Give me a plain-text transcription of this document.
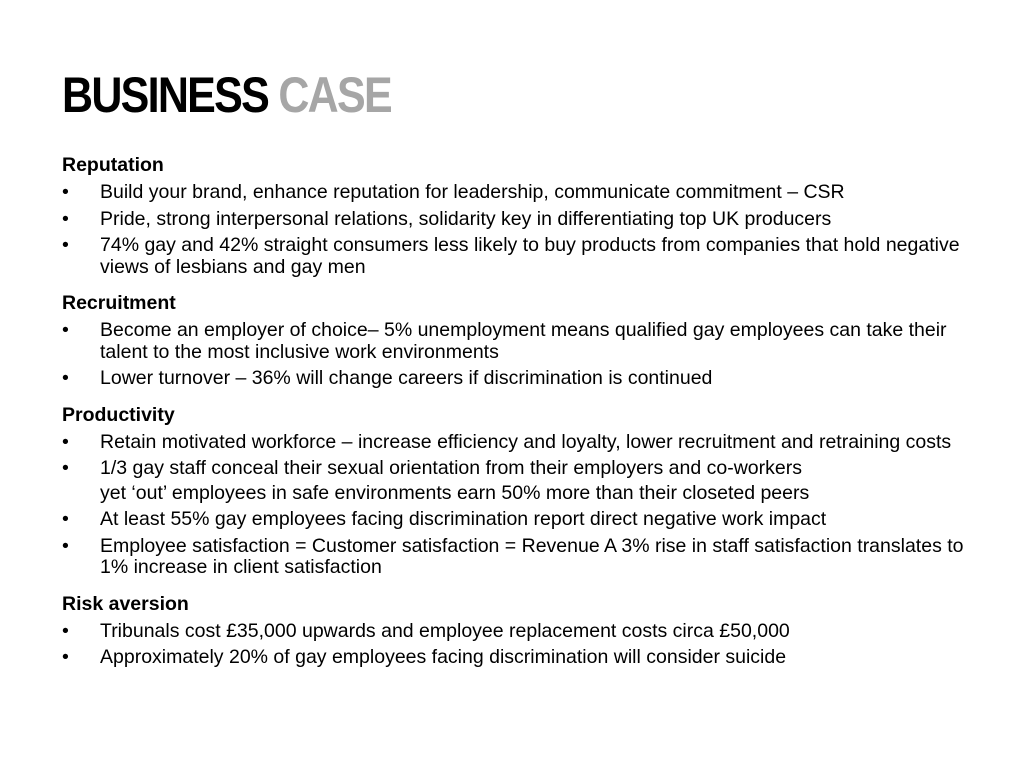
BUSINESS CASE
Reputation
• Build your brand, enhance reputation for leadership, communicate commitment – CSR
• Pride, strong interpersonal relations, solidarity key in differentiating top UK producers
• 74% gay and 42% straight consumers less likely to buy products from companies that hold negative views of lesbians and gay men
Recruitment
• Become an employer of choice– 5% unemployment means qualified gay employees can take their talent to the most inclusive work environments
• Lower turnover – 36% will change careers if discrimination is continued
Productivity
• Retain motivated workforce – increase efficiency and loyalty, lower recruitment and retraining costs
• 1/3 gay staff conceal their sexual orientation from their employers and co-workers
yet ‘out’ employees in safe environments earn 50% more than their closeted peers
• At least 55% gay employees facing discrimination report direct negative work impact
• Employee satisfaction = Customer satisfaction = Revenue A 3% rise in staff satisfaction translates to 1% increase in client satisfaction
Risk aversion
• Tribunals cost £35,000 upwards and employee replacement costs circa £50,000
• Approximately 20% of gay employees facing discrimination will consider suicide
